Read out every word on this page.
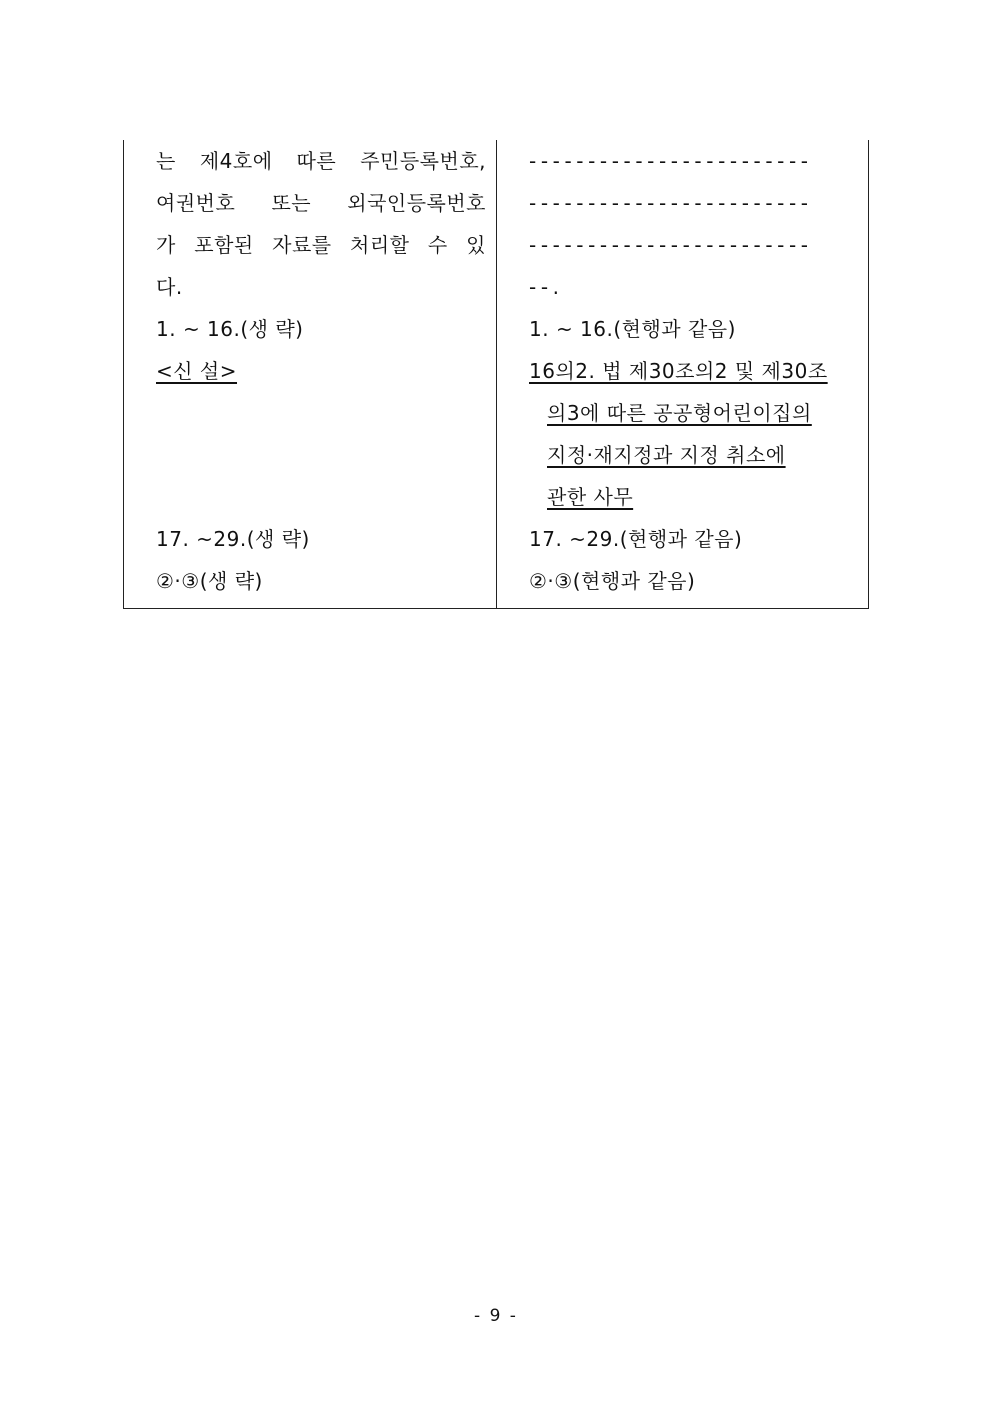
는 제4호에 따른 주민등록번호,
여권번호 또는 외국인등록번호
가 포함된 자료를 처리할 수 있
다.
1. ~ 16.(생 략)
<신 설>
17. ~29.(생 략)
②·③(생 략)
------------------------
------------------------
------------------------
--.
1. ~ 16.(현행과 같음)
16의2. 법 제30조의2 및 제30조
의3에 따른 공공형어린이집의
지정·재지정과 지정 취소에
관한 사무
17. ~29.(현행과 같음)
②·③(현행과 같음)
- 9 -
